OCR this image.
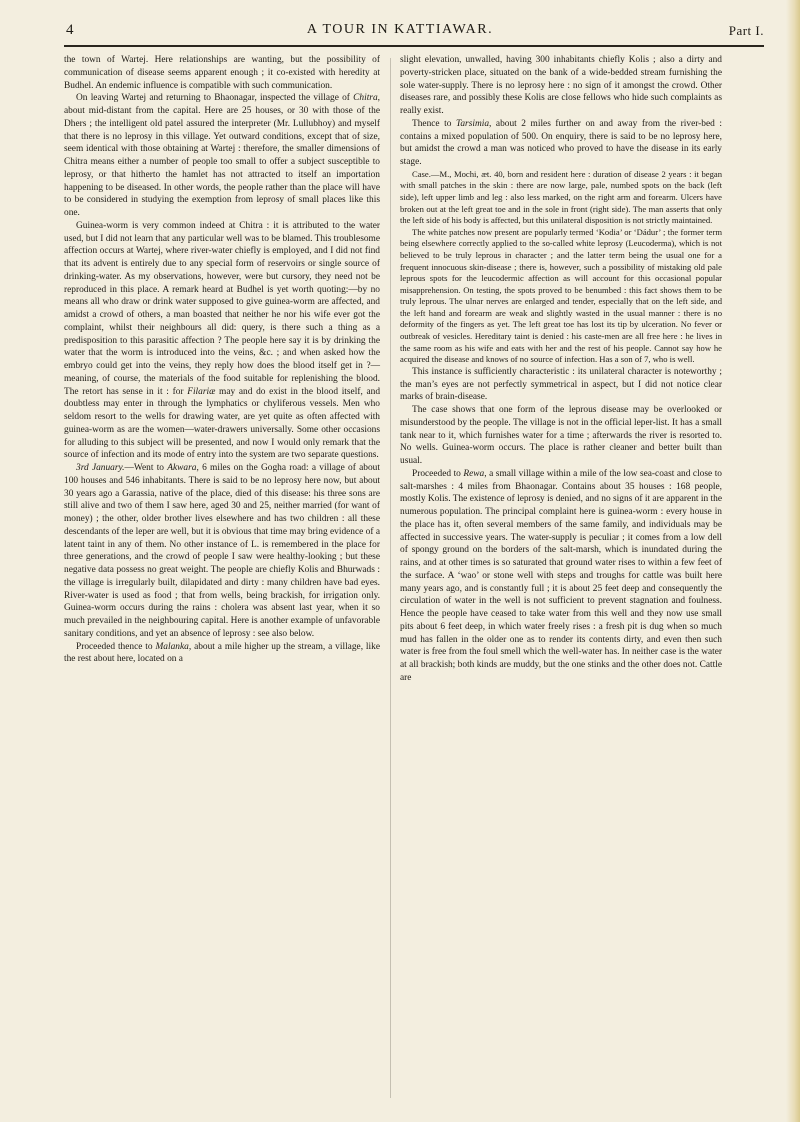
4	A TOUR IN KATTIAWAR.	Part I.

the town of Wartej. Here relationships are wanting, but the possibility of communication of disease seems apparent enough ; it co-existed with heredity at Budhel. An endemic influence is compatible with such communication.

On leaving Wartej and returning to Bhaonagar, inspected the village of Chitra, about mid-distant from the capital. Here are 25 houses, or 30 with those of the Dhers ; the intelligent old patel assured the interpreter (Mr. Lullubhoy) and myself that there is no leprosy in this village. Yet outward conditions, except that of size, seem identical with those obtaining at Wartej : therefore, the smaller dimensions of Chitra means either a number of people too small to offer a subject susceptible to leprosy, or that hitherto the hamlet has not attracted to itself an importation happening to be diseased. In other words, the people rather than the place will have to be considered in studying the exemption from leprosy of small places like this one.

Guinea-worm is very common indeed at Chitra : it is attributed to the water used, but I did not learn that any particular well was to be blamed. This troublesome affection occurs at Wartej, where river-water chiefly is employed, and I did not find that its advent is entirely due to any special form of reservoirs or single source of drinking-water. As my observations, however, were but cursory, they need not be reproduced in this place. A remark heard at Budhel is yet worth quoting:—by no means all who draw or drink water supposed to give guinea-worm are affected, and amidst a crowd of others, a man boasted that neither he nor his wife ever got the complaint, whilst their neighbours all did: query, is there such a thing as a predisposition to this parasitic affection ? The people here say it is by drinking the water that the worm is introduced into the veins, &c. ; and when asked how the embryo could get into the veins, they reply how does the blood itself get in ?—meaning, of course, the materials of the food suitable for replenishing the blood. The retort has sense in it : for Filariæ may and do exist in the blood itself, and doubtless may enter in through the lymphatics or chyliferous vessels. Men who seldom resort to the wells for drawing water, are yet quite as often affected with guinea-worm as are the women—water-drawers universally. Some other occasions for alluding to this subject will be presented, and now I would only remark that the source of infection and its mode of entry into the system are two separate questions.

3rd January.—Went to Akwara, 6 miles on the Gogha road: a village of about 100 houses and 546 inhabitants. There is said to be no leprosy here now, but about 30 years ago a Garassia, native of the place, died of this disease: his three sons are still alive and two of them I saw here, aged 30 and 25, neither married (for want of money) ; the other, older brother lives elsewhere and has two children : all these descendants of the leper are well, but it is obvious that time may bring evidence of a latent taint in any of them. No other instance of L. is remembered in the place for three generations, and the crowd of people I saw were healthy-looking ; but these negative data possess no great weight. The people are chiefly Kolis and Bhurwads : the village is irregularly built, dilapidated and dirty : many children have bad eyes. River-water is used as food ; that from wells, being brackish, for irrigation only. Guinea-worm occurs during the rains : cholera was absent last year, when it so much prevailed in the neighbouring capital. Here is another example of unfavorable sanitary conditions, and yet an absence of leprosy : see also below.

Proceeded thence to Malanka, about a mile higher up the stream, a village, like the rest about here, located on a

slight elevation, unwalled, having 300 inhabitants chiefly Kolis ; also a dirty and poverty-stricken place, situated on the bank of a wide-bedded stream furnishing the sole water-supply. There is no leprosy here : no sign of it amongst the crowd. Other diseases rare, and possibly these Kolis are close fellows who hide such complaints as really exist.

Thence to Tarsimia, about 2 miles further on and away from the river-bed : contains a mixed population of 500. On enquiry, there is said to be no leprosy here, but amidst the crowd a man was noticed who proved to have the disease in its early stage.

Case.—M., Mochi, æt. 40, born and resident here : duration of disease 2 years : it began with small patches in the skin : there are now large, pale, numbed spots on the back (left side), left upper limb and leg : also less marked, on the right arm and forearm. Ulcers have broken out at the left great toe and in the sole in front (right side). The man asserts that only the left side of his body is affected, but this unilateral disposition is not strictly maintained.

The white patches now present are popularly termed ‘Kodia’ or ‘Dádur’ ; the former term being elsewhere correctly applied to the so-called white leprosy (Leucoderma), which is not believed to be truly leprous in character ; and the latter term being the usual one for a frequent innocuous skin-disease ; there is, however, such a possibility of mistaking old pale leprous spots for the leucodermic affection as will account for this occasional popular misapprehension. On testing, the spots proved to be benumbed : this fact shows them to be truly leprous. The ulnar nerves are enlarged and tender, especially that on the left side, and the left hand and forearm are weak and slightly wasted in the usual manner : there is no deformity of the fingers as yet. The left great toe has lost its tip by ulceration. No fever or outbreak of vesicles. Hereditary taint is denied : his caste-men are all free here : he lives in the same room as his wife and eats with her and the rest of his people. Cannot say how he acquired the disease and knows of no source of infection. Has a son of 7, who is well.

This instance is sufficiently characteristic : its unilateral character is noteworthy ; the man’s eyes are not perfectly symmetrical in aspect, but I did not notice clear marks of brain-disease.

The case shows that one form of the leprous disease may be overlooked or misunderstood by the people. The village is not in the official leper-list. It has a small tank near to it, which furnishes water for a time ; afterwards the river is resorted to. No wells. Guinea-worm occurs. The place is rather cleaner and better built than usual.

Proceeded to Rewa, a small village within a mile of the low sea-coast and close to salt-marshes : 4 miles from Bhaonagar. Contains about 35 houses : 168 people, mostly Kolis. The existence of leprosy is denied, and no signs of it are apparent in the numerous population. The principal complaint here is guinea-worm : every house in the place has it, often several members of the same family, and individuals may be affected in successive years. The water-supply is peculiar ; it comes from a low dell of spongy ground on the borders of the salt-marsh, which is inundated during the rains, and at other times is so saturated that ground water rises to within a few feet of the surface. A ‘wao’ or stone well with steps and troughs for cattle was built here many years ago, and is constantly full ; it is about 25 feet deep and consequently the circulation of water in the well is not sufficient to prevent stagnation and foulness. Hence the people have ceased to take water from this well and they now use small pits about 6 feet deep, in which water freely rises : a fresh pit is dug when so much mud has fallen in the older one as to render its contents dirty, and even then such water is free from the foul smell which the well-water has. In neither case is the water at all brackish; both kinds are muddy, but the one stinks and the other does not. Cattle are
